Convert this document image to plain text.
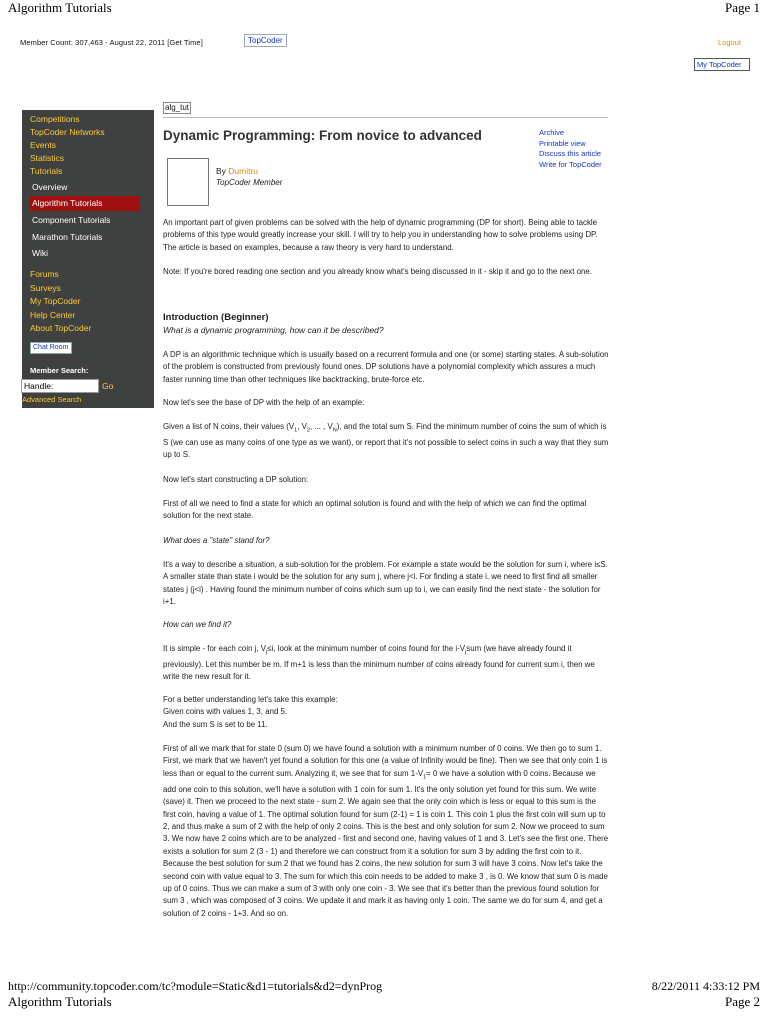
Algorithm Tutorials	Page 1
Member Count: 307,463 - August 22, 2011 [Get Time]	TopCoder	Logout
My TopCoder
Competitions
TopCoder Networks
Events
Statistics
Tutorials
Overview
Algorithm Tutorials
Component Tutorials
Marathon Tutorials
Wiki
Forums
Surveys
My TopCoder
Help Center
About TopCoder
Chat Room
Member Search:
Handle:	Go
Advanced Search
alg_tut
Dynamic Programming: From novice to advanced	Archive
Printable view
Discuss this article
Write for TopCoder
By Dumitru
TopCoder Member
An important part of given problems can be solved with the help of dynamic programming (DP for short). Being able to tackle problems of this type would greatly increase your skill. I will try to help you in understanding how to solve problems using DP. The article is based on examples, because a raw theory is very hard to understand.
Note: If you're bored reading one section and you already know what's being discussed in it - skip it and go to the next one.
Introduction (Beginner)
What is a dynamic programming, how can it be described?
A DP is an algorithmic technique which is usually based on a recurrent formula and one (or some) starting states. A sub-solution of the problem is constructed from previously found ones. DP solutions have a polynomial complexity which assures a much faster running time than other techniques like backtracking, brute-force etc.
Now let's see the base of DP with the help of an example:
Given a list of N coins, their values ($V_1$, $V_2$, ... , $V_N$), and the total sum S. Find the minimum number of coins the sum of which is S (we can use as many coins of one type as we want), or report that it's not possible to select coins in such a way that they sum up to S.
Now let's start constructing a DP solution:
First of all we need to find a state for which an optimal solution is found and with the help of which we can find the optimal solution for the next state.
What does a "state" stand for?
It's a way to describe a situation, a sub-solution for the problem. For example a state would be the solution for sum i, where i≤S. A smaller state than state i would be the solution for any sum j, where j<i. For finding a state i, we need to first find all smaller states j (j<i) . Having found the minimum number of coins which sum up to i, we can easily find the next state - the solution for i+1.
How can we find it?
It is simple - for each coin j, $V_j\le i$, look at the minimum number of coins found for the $i-V_jsum$ (we have already found it previously). Let this number be m. If m+1 is less than the minimum number of coins already found for current sum i, then we write the new result for it.
For a better understanding let's take this example:
Given coins with values 1, 3, and 5.
And the sum S is set to be 11.
First of all we mark that for state 0 (sum 0) we have found a solution with a minimum number of 0 coins. We then go to sum 1. First, we mark that we haven't yet found a solution for this one (a value of Infinity would be fine). Then we see that only coin 1 is less than or equal to the current sum. Analyzing it, we see that for sum $1-V_1= 0$ we have a solution with 0 coins. Because we add one coin to this solution, we'll have a solution with 1 coin for sum 1. It's the only solution yet found for this sum. We write (save) it. Then we proceed to the next state - sum 2. We again see that the only coin which is less or equal to this sum is the first coin, having a value of 1. The optimal solution found for sum (2-1) = 1 is coin 1. This coin 1 plus the first coin will sum up to 2, and thus make a sum of 2 with the help of only 2 coins. This is the best and only solution for sum 2. Now we proceed to sum 3. We now have 2 coins which are to be analyzed - first and second one, having values of 1 and 3. Let's see the first one. There exists a solution for sum 2 (3 - 1) and therefore we can construct from it a solution for sum 3 by adding the first coin to it. Because the best solution for sum 2 that we found has 2 coins, the new solution for sum 3 will have 3 coins. Now let's take the second coin with value equal to 3. The sum for which this coin needs to be added to make 3 , is 0. We know that sum 0 is made up of 0 coins. Thus we can make a sum of 3 with only one coin - 3. We see that it's better than the previous found solution for sum 3 , which was composed of 3 coins. We update it and mark it as having only 1 coin. The same we do for sum 4, and get a solution of 2 coins - 1+3. And so on.
http://community.topcoder.com/tc?module=Static&d1=tutorials&d2=dynProg	8/22/2011 4:33:12 PM
Algorithm Tutorials	Page 2
